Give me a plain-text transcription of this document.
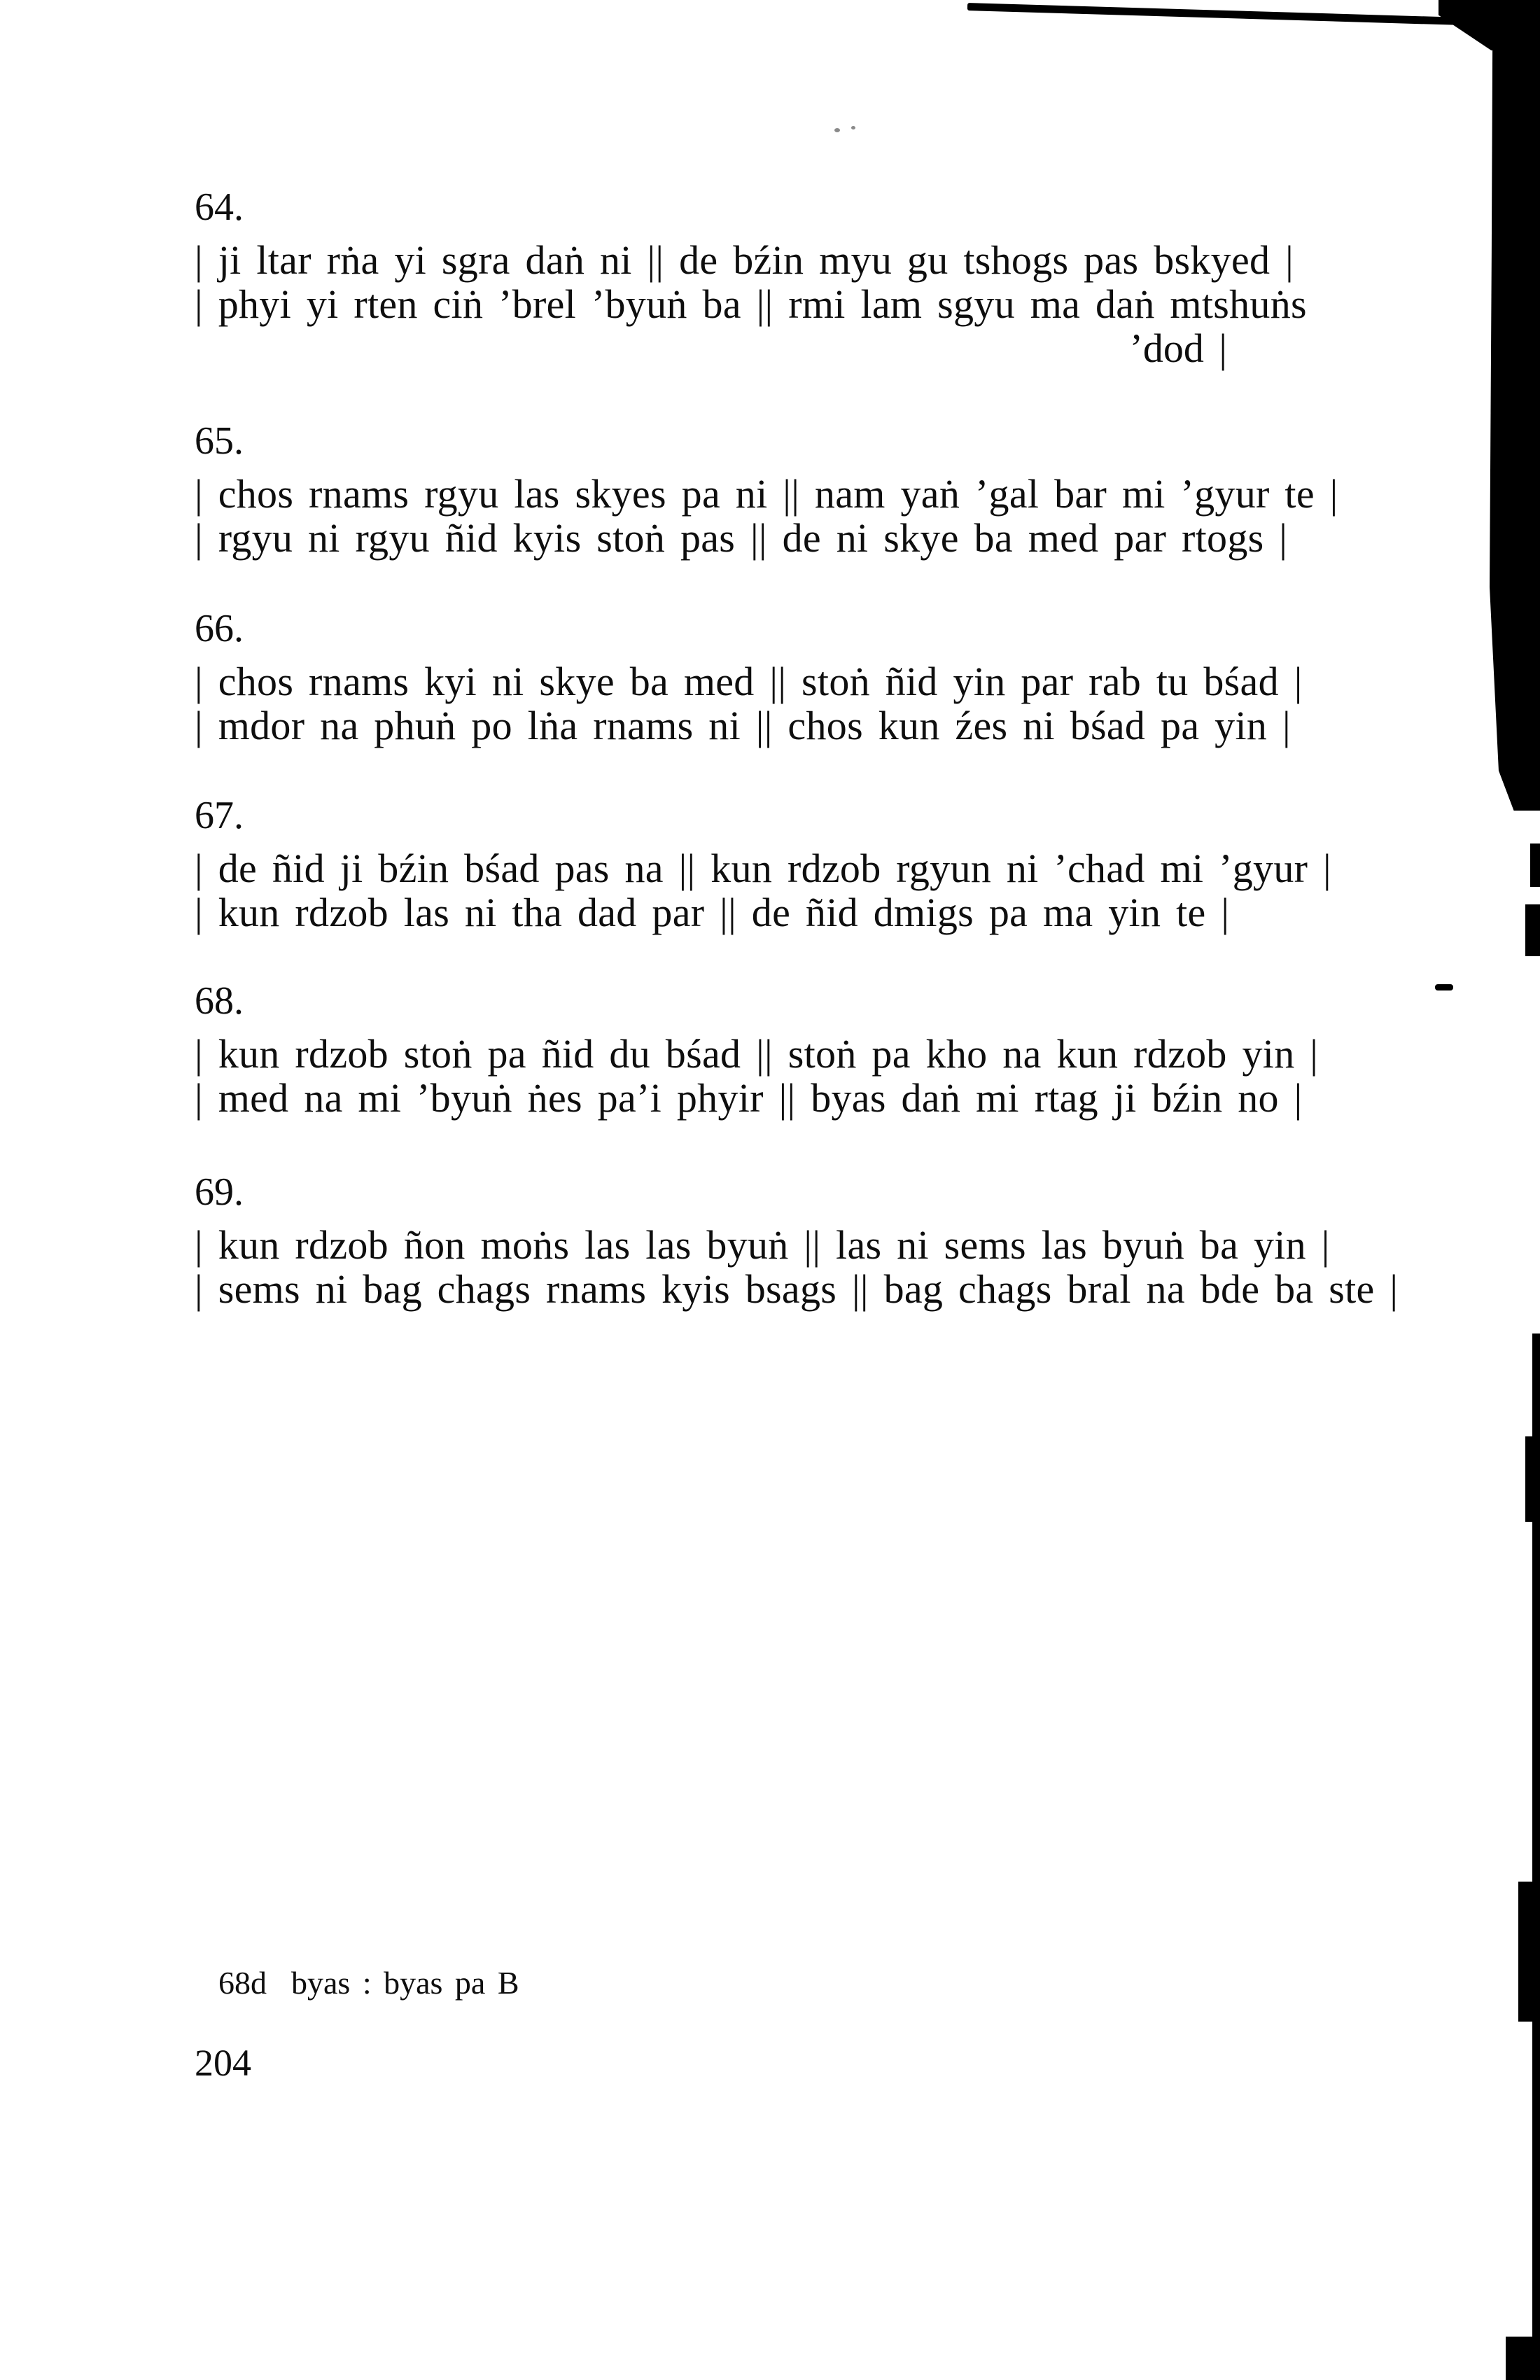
64.
| ji ltar rṅa yi sgra daṅ ni || de bźin myu gu tshogs pas bskyed |
| phyi yi rten ciṅ ’brel ’byuṅ ba || rmi lam sgyu ma daṅ mtshuṅs
’dod |
65.
| chos rnams rgyu las skyes pa ni || nam yaṅ ’gal bar mi ’gyur te |
| rgyu ni rgyu ñid kyis stoṅ pas || de ni skye ba med par rtogs |
66.
| chos rnams kyi ni skye ba med || stoṅ ñid yin par rab tu bśad |
| mdor na phuṅ po lṅa rnams ni || chos kun źes ni bśad pa yin |
67.
| de ñid ji bźin bśad pas na || kun rdzob rgyun ni ’chad mi ’gyur |
| kun rdzob las ni tha dad par || de ñid dmigs pa ma yin te |
68.
| kun rdzob stoṅ pa ñid du bśad || stoṅ pa kho na kun rdzob yin |
| med na mi ’byuṅ ṅes pa’i phyir || byas daṅ mi rtag ji bźin no |
69.
| kun rdzob ñon moṅs las las byuṅ || las ni sems las byuṅ ba yin |
| sems ni bag chags rnams kyis bsags || bag chags bral na bde ba ste |
68d  byas : byas pa B
204
